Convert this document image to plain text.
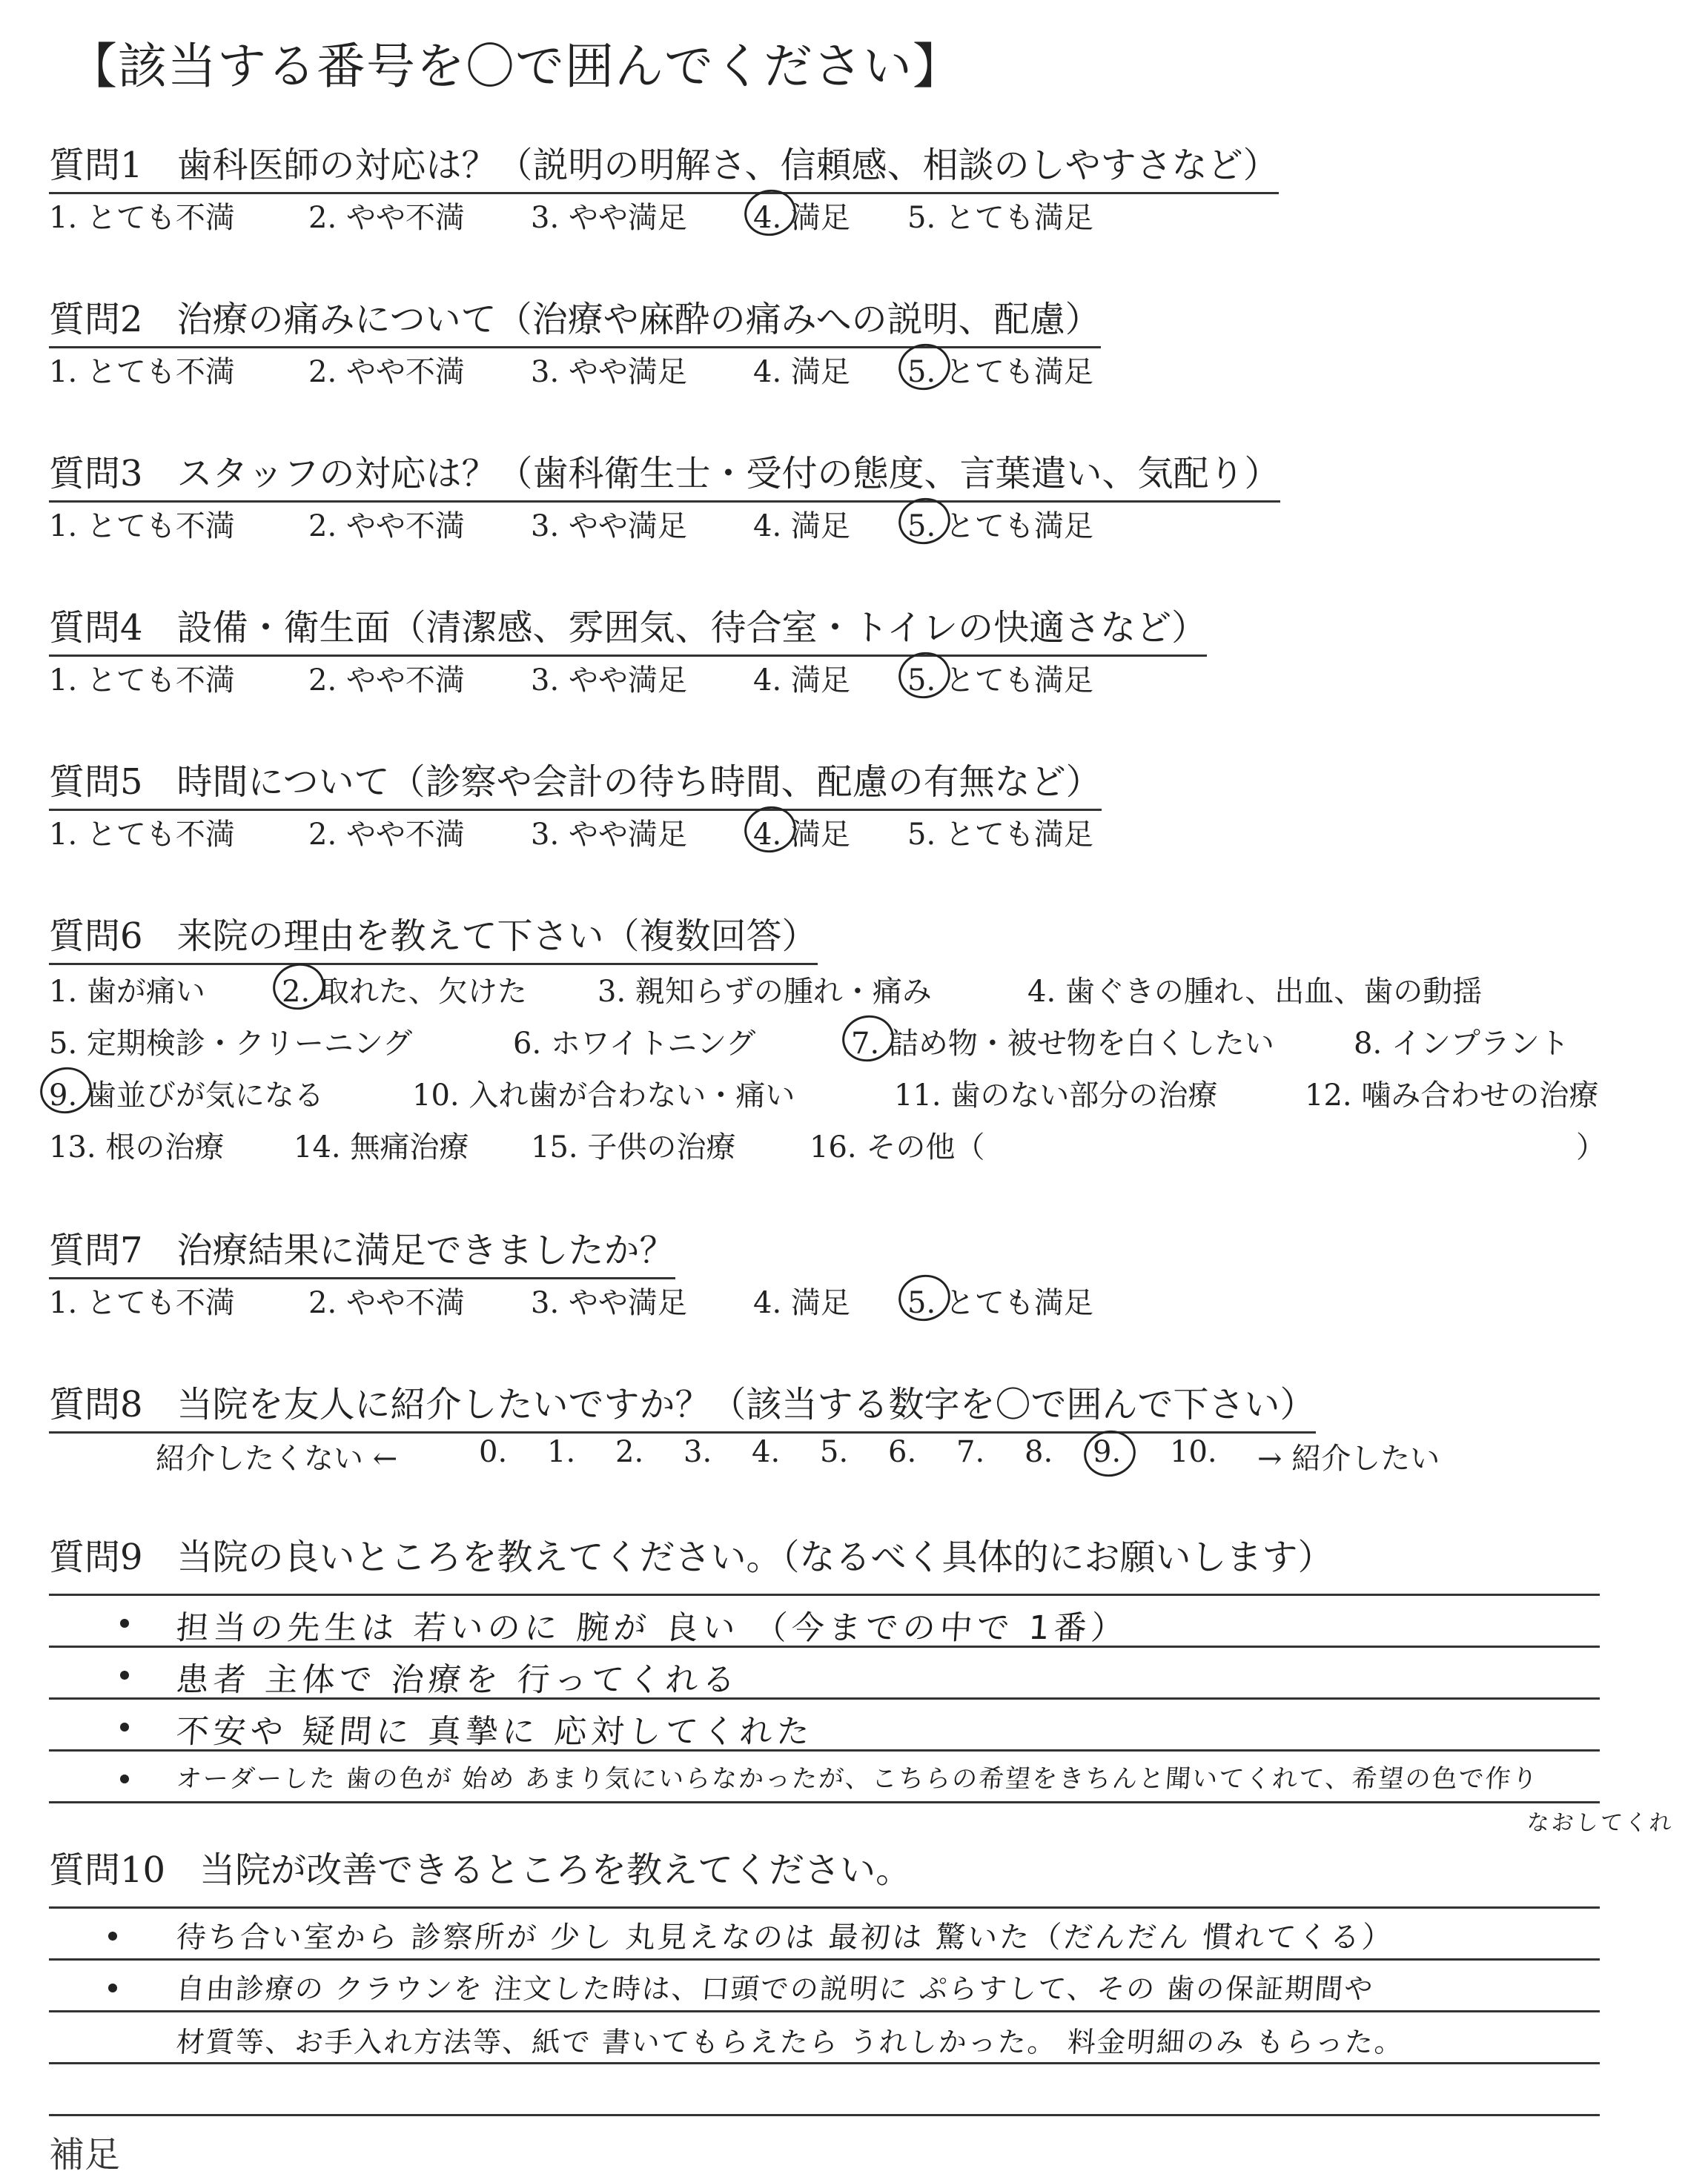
【該当する番号を〇で囲んでください】
質問1 歯科医師の対応は？（説明の明解さ、信頼感、相談のしやすさなど）
1. とても不満 2. やや不満 3. やや満足 4. 満足 5. とても満足
質問2 治療の痛みについて（治療や麻酔の痛みへの説明、配慮）
1. とても不満 2. やや不満 3. やや満足 4. 満足 5. とても満足
質問3 スタッフの対応は？（歯科衛生士・受付の態度、言葉遣い、気配り）
1. とても不満 2. やや不満 3. やや満足 4. 満足 5. とても満足
質問4 設備・衛生面（清潔感、雰囲気、待合室・トイレの快適さなど）
1. とても不満 2. やや不満 3. やや満足 4. 満足 5. とても満足
質問5 時間について（診察や会計の待ち時間、配慮の有無など）
1. とても不満 2. やや不満 3. やや満足 4. 満足 5. とても満足
質問6 来院の理由を教えて下さい（複数回答）
1. 歯が痛い	2. 取れた、欠けた 3. 親知らずの腫れ・痛み	4. 歯ぐきの腫れ、出血、歯の動揺
5. 定期検診・クリーニング	6. ホワイトニング	7. 詰め物・被せ物を白くしたい	8. インプラント
9. 歯並びが気になる	10. 入れ歯が合わない・痛い	11. 歯のない部分の治療	12. 噛み合わせの治療
13. 根の治療 14. 無痛治療 15. 子供の治療 16. その他（	）
質問7 治療結果に満足できましたか？
1. とても不満 2. やや不満 3. やや満足 4. 満足 5. とても満足
質問8 当院を友人に紹介したいですか？（該当する数字を〇で囲んで下さい）
紹介したくない ←	0. 1. 2. 3. 4. 5. 6. 7. 8. 9. 10. → 紹介したい
質問9 当院の良いところを教えてください。（なるべく具体的にお願いします）
担当の先生は 若いのに 腕が 良い （今までの中で 1番）
患者 主体で 治療を 行ってくれる
不安や 疑問に 真摯に 応対してくれた
オーダーした 歯の色が 始め あまり気にいらなかったが、こちらの希望をきちんと聞いてくれて、希望の色で作り
なおしてくれ
質問10 当院が改善できるところを教えてください。
待ち合い室から 診察所が 少し 丸見えなのは 最初は 驚いた（だんだん 慣れてくる）
自由診療の クラウンを 注文した時は、口頭での説明に ぷらすして、その 歯の保証期間や
材質等、お手入れ方法等、紙で 書いてもらえたら うれしかった。 料金明細のみ もらった。
補足
